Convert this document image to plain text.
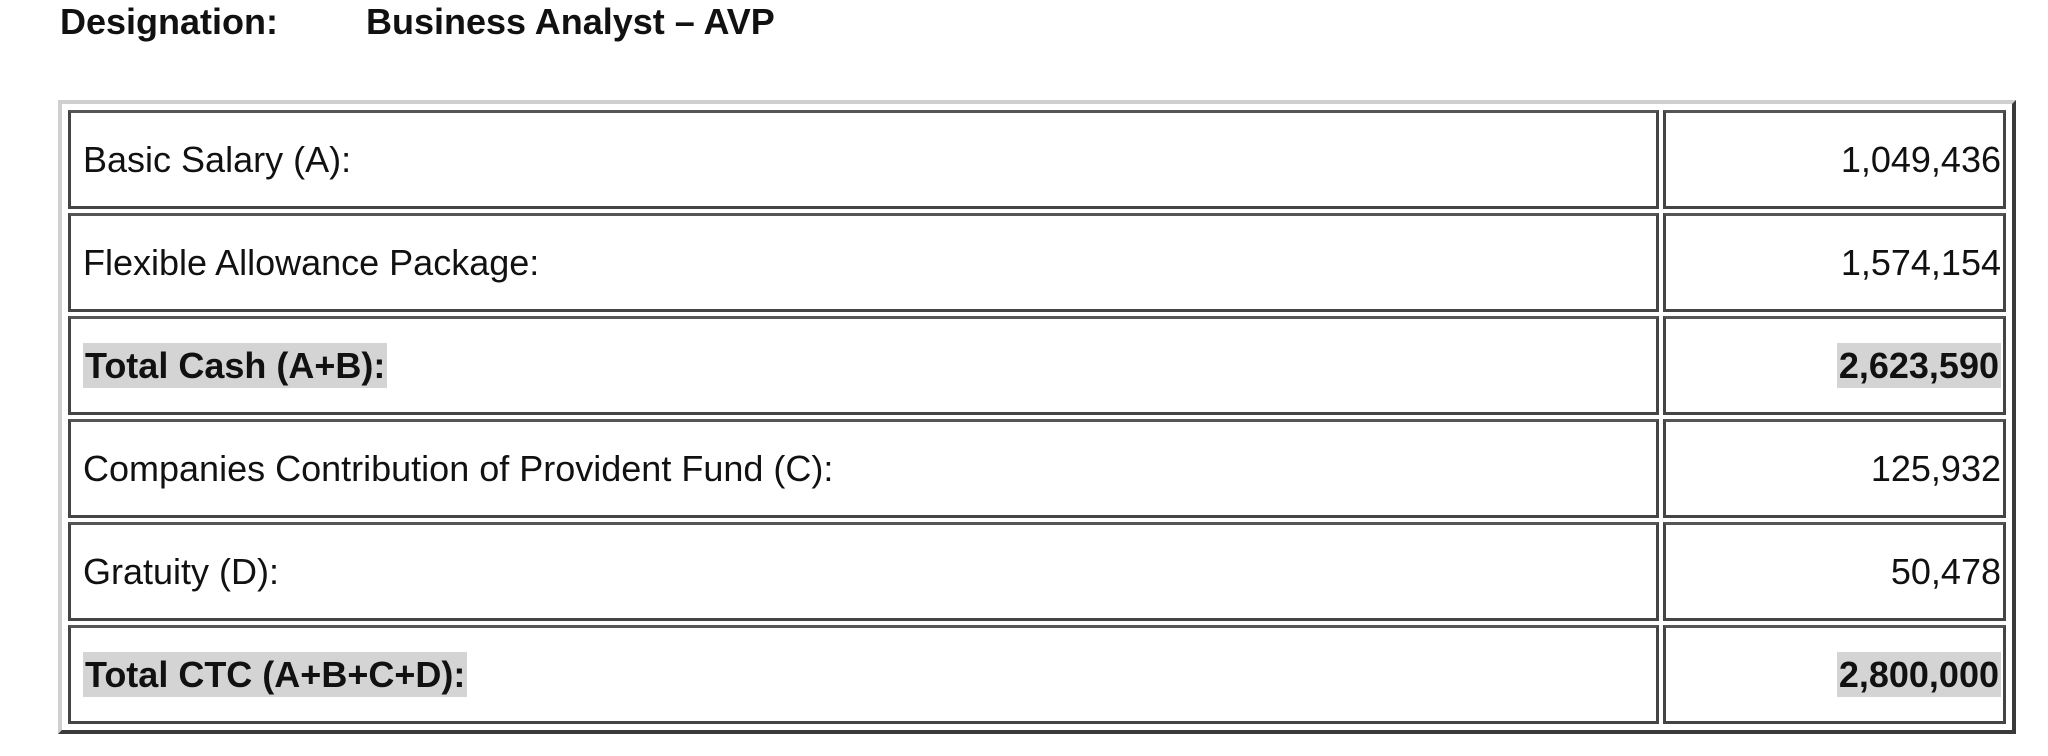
Designation: Business Analyst – AVP
Basic Salary (A):	1,049,436
Flexible Allowance Package:	1,574,154
Total Cash (A+B):	2,623,590
Companies Contribution of Provident Fund (C):	125,932
Gratuity (D):	50,478
Total CTC (A+B+C+D):	2,800,000
